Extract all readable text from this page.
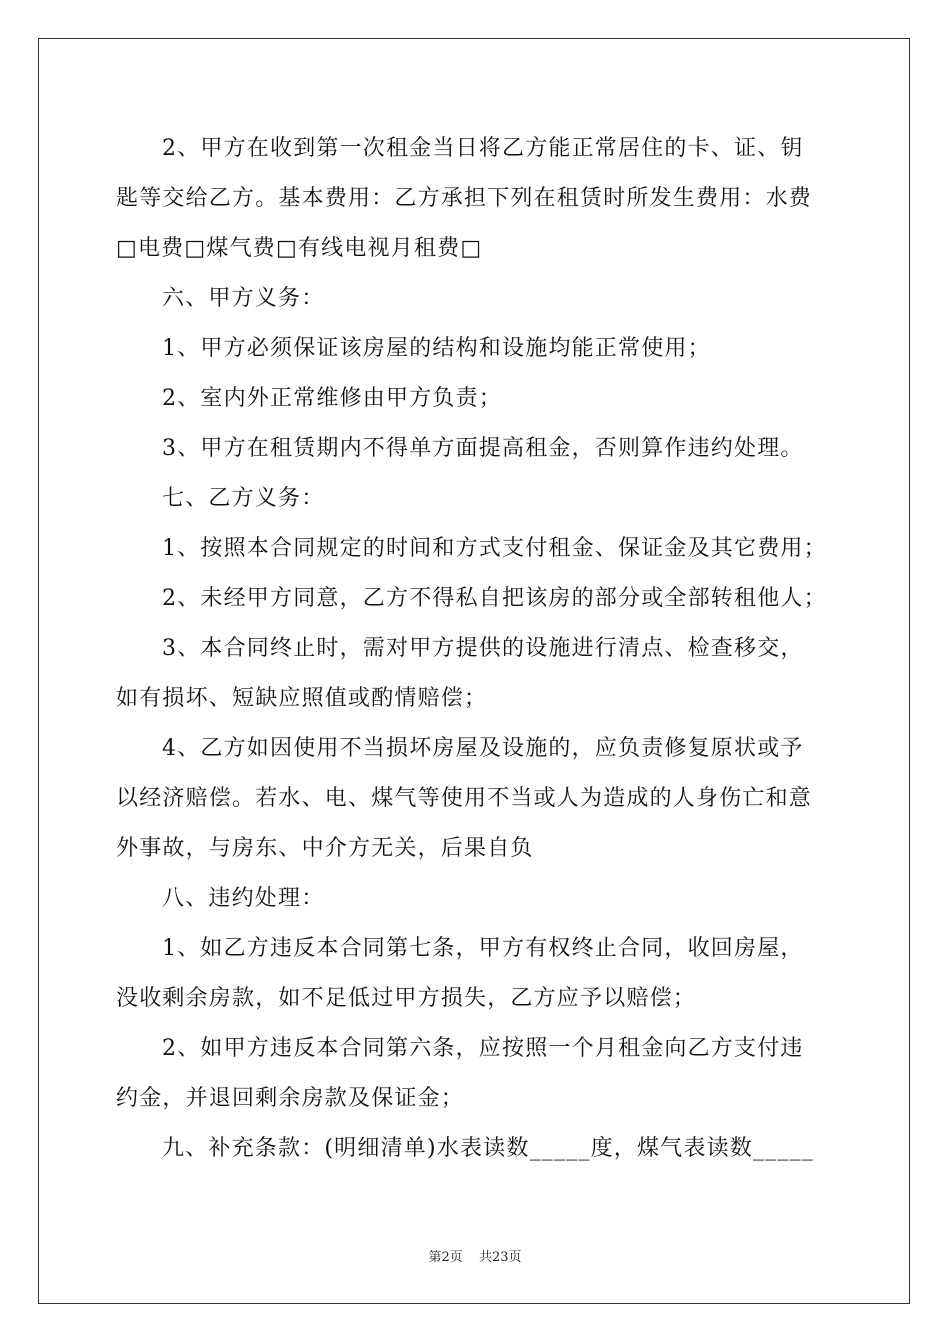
2、甲方在收到第一次租金当日将乙方能正常居住的卡、证、钥
匙等交给乙方。基本费用：乙方承担下列在租赁时所发生费用：水费
□电费□煤气费□有线电视月租费□
六、甲方义务：
1、甲方必须保证该房屋的结构和设施均能正常使用；
2、室内外正常维修由甲方负责；
3、甲方在租赁期内不得单方面提高租金，否则算作违约处理。
七、乙方义务：
1、按照本合同规定的时间和方式支付租金、保证金及其它费用；
2、未经甲方同意，乙方不得私自把该房的部分或全部转租他人；
3、本合同终止时，需对甲方提供的设施进行清点、检查移交，
如有损坏、短缺应照值或酌情赔偿；
4、乙方如因使用不当损坏房屋及设施的，应负责修复原状或予
以经济赔偿。若水、电、煤气等使用不当或人为造成的人身伤亡和意
外事故，与房东、中介方无关，后果自负
八、违约处理：
1、如乙方违反本合同第七条，甲方有权终止合同，收回房屋，
没收剩余房款，如不足低过甲方损失，乙方应予以赔偿；
2、如甲方违反本合同第六条，应按照一个月租金向乙方支付违
约金，并退回剩余房款及保证金；
九、补充条款：(明细清单)水表读数_____度，煤气表读数_____
第2页 共23页
